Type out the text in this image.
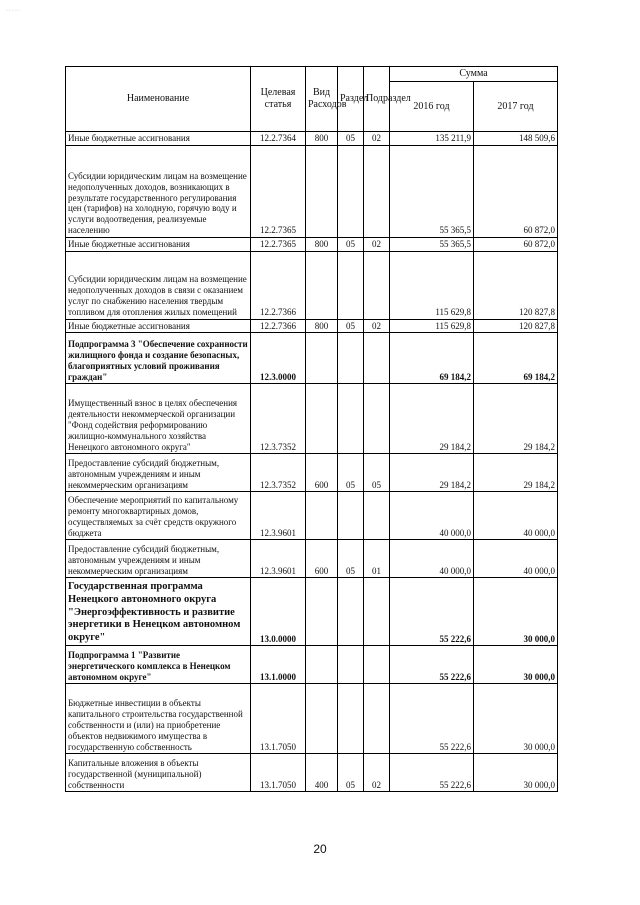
·····
Наименование	Целевая статья	Вид Расходов	Раздел	Подраздел	Сумма	
					2016 год	2017 год
Иные бюджетные ассигнования	12.2.7364	800	05	02	135 211,9	148 509,6
Субсидии юридическим лицам на возмещение недополученных доходов, возникающих в результате государственного регулирования цен (тарифов) на холодную, горячую воду и услуги водоотведения, реализуемые населению	12.2.7365				55 365,5	60 872,0
Иные бюджетные ассигнования	12.2.7365	800	05	02	55 365,5	60 872,0
Субсидии юридическим лицам на возмещение недополученных доходов в связи с оказанием услуг по снабжению населения твердым топливом для отопления жилых помещений	12.2.7366				115 629,8	120 827,8
Иные бюджетные ассигнования	12.2.7366	800	05	02	115 629,8	120 827,8
Подпрограмма 3 "Обеспечение сохранности жилищного фонда и создание безопасных, благоприятных условий проживания граждан"	12.3.0000				69 184,2	69 184,2
Имущественный взнос в целях обеспечения деятельности некоммерческой организации "Фонд содействия реформированию жилищно-коммунального хозяйства Ненецкого автономного округа"	12.3.7352				29 184,2	29 184,2
Предоставление субсидий бюджетным, автономным учреждениям и иным некоммерческим организациям	12.3.7352	600	05	05	29 184,2	29 184,2
Обеспечение мероприятий по капитальному ремонту многоквартирных домов, осуществляемых за счёт средств окружного бюджета	12.3.9601				40 000,0	40 000,0
Предоставление субсидий бюджетным, автономным учреждениям и иным некоммерческим организациям	12.3.9601	600	05	01	40 000,0	40 000,0
Государственная программа Ненецкого автономного округа "Энергоэффективность и развитие энергетики в Ненецком автономном округе"	13.0.0000				55 222,6	30 000,0
Подпрограмма 1 "Развитие энергетического комплекса в Ненецком автономном округе"	13.1.0000				55 222,6	30 000,0
Бюджетные инвестиции в объекты капитального строительства государственной собственности и (или) на приобретение объектов недвижимого имущества в государственную собственность	13.1.7050				55 222,6	30 000,0
Капитальные вложения в объекты государственной (муниципальной) собственности	13.1.7050	400	05	02	55 222,6	30 000,0
20
